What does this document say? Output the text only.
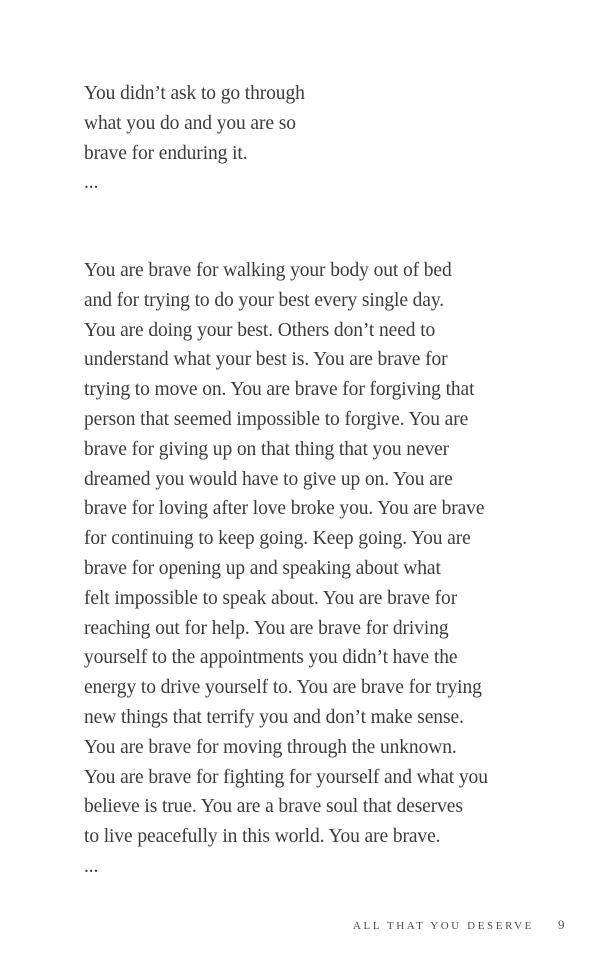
You didn’t ask to go through
what you do and you are so
brave for enduring it.
...
You are brave for walking your body out of bed
and for trying to do your best every single day.
You are doing your best. Others don’t need to
understand what your best is. You are brave for
trying to move on. You are brave for forgiving that
person that seemed impossible to forgive. You are
brave for giving up on that thing that you never
dreamed you would have to give up on. You are
brave for loving after love broke you. You are brave
for continuing to keep going. Keep going. You are
brave for opening up and speaking about what
felt impossible to speak about. You are brave for
reaching out for help. You are brave for driving
yourself to the appointments you didn’t have the
energy to drive yourself to. You are brave for trying
new things that terrify you and don’t make sense.
You are brave for moving through the unknown.
You are brave for fighting for yourself and what you
believe is true. You are a brave soul that deserves
to live peacefully in this world. You are brave.
...
ALL THAT YOU DESERVE 9
